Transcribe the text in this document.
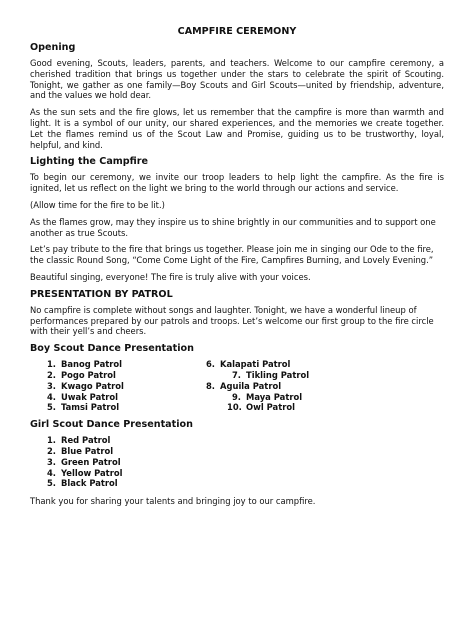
CAMPFIRE CEREMONY
Opening

Good evening, Scouts, leaders, parents, and teachers. Welcome to our campfire ceremony, a cherished tradition that brings us together under the stars to celebrate the spirit of Scouting. Tonight, we gather as one family—Boy Scouts and Girl Scouts—united by friendship, adventure, and the values we hold dear.

As the sun sets and the fire glows, let us remember that the campfire is more than warmth and light. It is a symbol of our unity, our shared experiences, and the memories we create together. Let the flames remind us of the Scout Law and Promise, guiding us to be trustworthy, loyal, helpful, and kind.

Lighting the Campfire

To begin our ceremony, we invite our troop leaders to help light the campfire. As the fire is ignited, let us reflect on the light we bring to the world through our actions and service.

(Allow time for the fire to be lit.)

As the flames grow, may they inspire us to shine brightly in our communities and to support one another as true Scouts.

Let’s pay tribute to the fire that brings us together. Please join me in singing our Ode to the fire, the classic Round Song, “Come Come Light of the Fire, Campfires Burning, and Lovely Evening.”

Beautiful singing, everyone! The fire is truly alive with your voices.

PRESENTATION BY PATROL

No campfire is complete without songs and laughter. Tonight, we have a wonderful lineup of performances prepared by our patrols and troops. Let’s welcome our first group to the fire circle with their yell’s and cheers.

Boy Scout Dance Presentation
1. Banog Patrol
2. Pogo Patrol
3. Kwago Patrol
4. Uwak Patrol
5. Tamsi Patrol
6. Kalapati Patrol
7. Tikling Patrol
8. Aguila Patrol
9. Maya Patrol
10. Owl Patrol
Girl Scout Dance Presentation
1. Red Patrol
2. Blue Patrol
3. Green Patrol
4. Yellow Patrol
5. Black Patrol

Thank you for sharing your talents and bringing joy to our campfire.
